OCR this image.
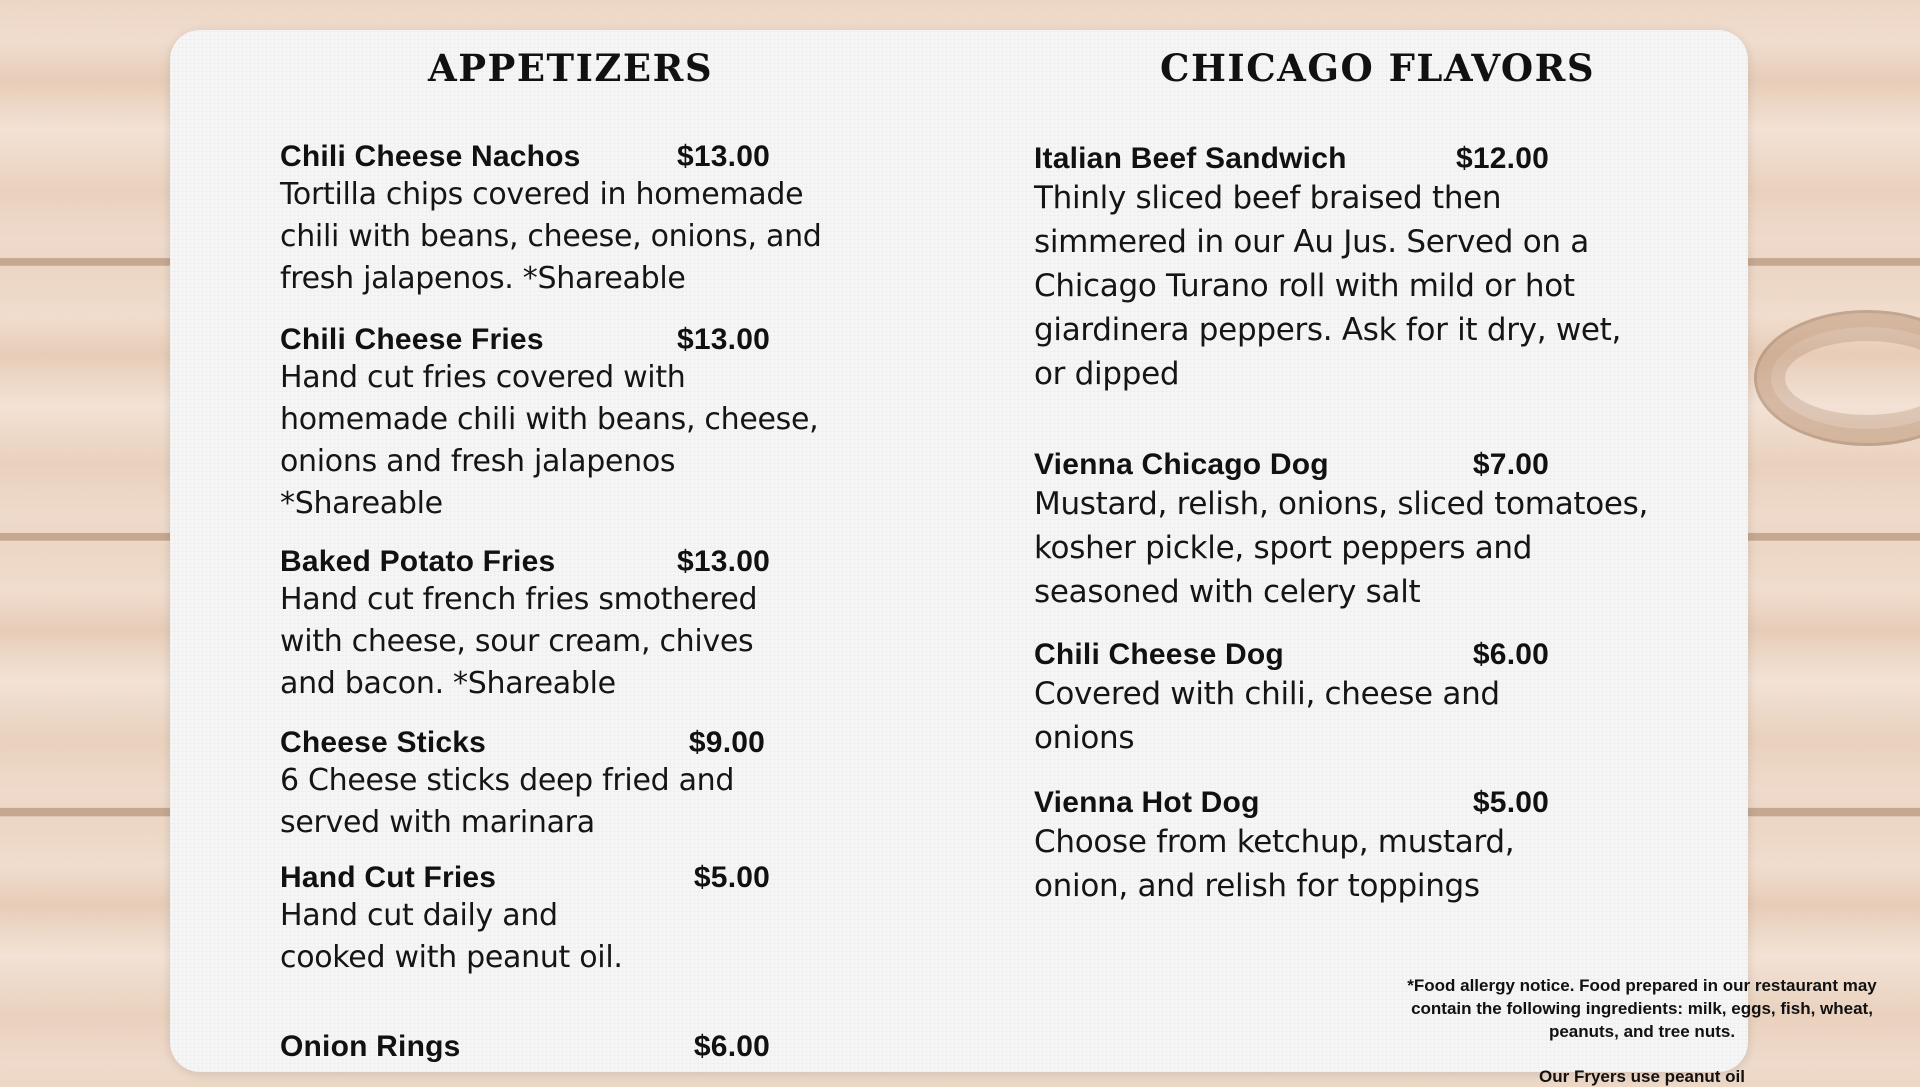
APPETIZERS	CHICAGO FLAVORS
Chili Cheese Nachos	$13.00

Tortilla chips covered in homemade chili with beans, cheese, onions, and fresh jalapenos. *Shareable

Chili Cheese Fries	$13.00

Hand cut fries covered with homemade chili with beans, cheese, onions and fresh jalapenos *Shareable

Baked Potato Fries	$13.00

Hand cut french fries smothered with cheese, sour cream, chives and bacon. *Shareable

Cheese Sticks	$9.00

6 Cheese sticks deep fried and served with marinara

Hand Cut Fries	$5.00

Hand cut daily and cooked with peanut oil.

Onion Rings	$6.00
Italian Beef Sandwich	$12.00

Thinly sliced beef braised then simmered in our Au Jus. Served on a Chicago Turano roll with mild or hot giardinera peppers. Ask for it dry, wet, or dipped

Vienna Chicago Dog	$7.00

Mustard, relish, onions, sliced tomatoes, kosher pickle, sport peppers and seasoned with celery salt

Chili Cheese Dog	$6.00

Covered with chili, cheese and onions

Vienna Hot Dog	$5.00

Choose from ketchup, mustard, onion, and relish for toppings

*Food allergy notice. Food prepared in our restaurant may contain the following ingredients: milk, eggs, fish, wheat, peanuts, and tree nuts.
Our Fryers use peanut oil
